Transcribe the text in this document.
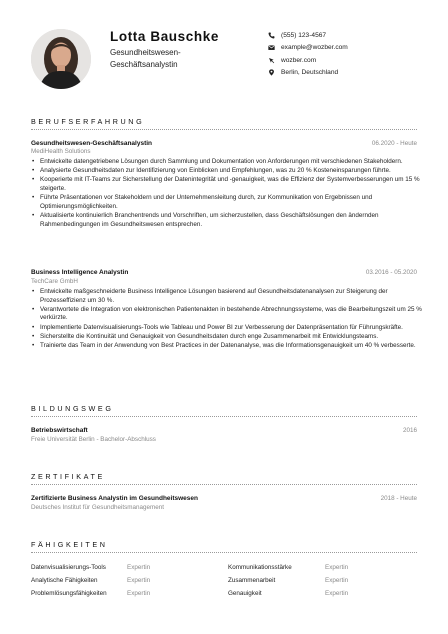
Lotta Bauschke
Gesundheitswesen-Geschäftsanalystin
(555) 123-4567
example@wozber.com
wozber.com
Berlin, Deutschland
BERUFSERFAHRUNG
Gesundheitswesen-Geschäftsanalystin	06.2020 - Heute
MediHealth Solutions
• Entwickelte datengetriebene Lösungen durch Sammlung und Dokumentation von Anforderungen mit verschiedenen Stakeholdern.
• Analysierte Gesundheitsdaten zur Identifizierung von Einblicken und Empfehlungen, was zu 20 % Kosteneinsparungen führte.
• Kooperierte mit IT-Teams zur Sicherstellung der Datenintegrität und -genauigkeit, was die Effizienz der Systemverbesserungen um 15 % steigerte.
• Führte Präsentationen vor Stakeholdern und der Unternehmensleitung durch, zur Kommunikation von Ergebnissen und Optimierungsmöglichkeiten.
• Aktualisierte kontinuierlich Branchentrends und Vorschriften, um sicherzustellen, dass Geschäftslösungen den ändernden Rahmenbedingungen im Gesundheitswesen entsprechen.
Business Intelligence Analystin	03.2016 - 05.2020
TechCare GmbH
• Entwickelte maßgeschneiderte Business Intelligence Lösungen basierend auf Gesundheitsdatenanalysen zur Steigerung der Prozesseffizienz um 30 %.
• Verantwortete die Integration von elektronischen Patientenakten in bestehende Abrechnungssysteme, was die Bearbeitungszeit um 25 % verkürzte.
• Implementierte Datenvisualisierungs-Tools wie Tableau und Power BI zur Verbesserung der Datenpräsentation für Führungskräfte.
• Sicherstellte die Kontinuität und Genauigkeit von Gesundheitsdaten durch enge Zusammenarbeit mit Entwicklungsteams.
• Trainierte das Team in der Anwendung von Best Practices in der Datenanalyse, was die Informationsgenauigkeit um 40 % verbesserte.
BILDUNGSWEG
Betriebswirtschaft	2016
Freie Universität Berlin - Bachelor-Abschluss
ZERTIFIKATE
Zertifizierte Business Analystin im Gesundheitswesen	2018 - Heute
Deutsches Institut für Gesundheitsmanagement
FÄHIGKEITEN
Datenvisualisierungs-Tools	Expertin
Analytische Fähigkeiten	Expertin
Problemlösungsfähigkeiten	Expertin
Kommunikationsstärke	Expertin
Zusammenarbeit	Expertin
Genauigkeit	Expertin
